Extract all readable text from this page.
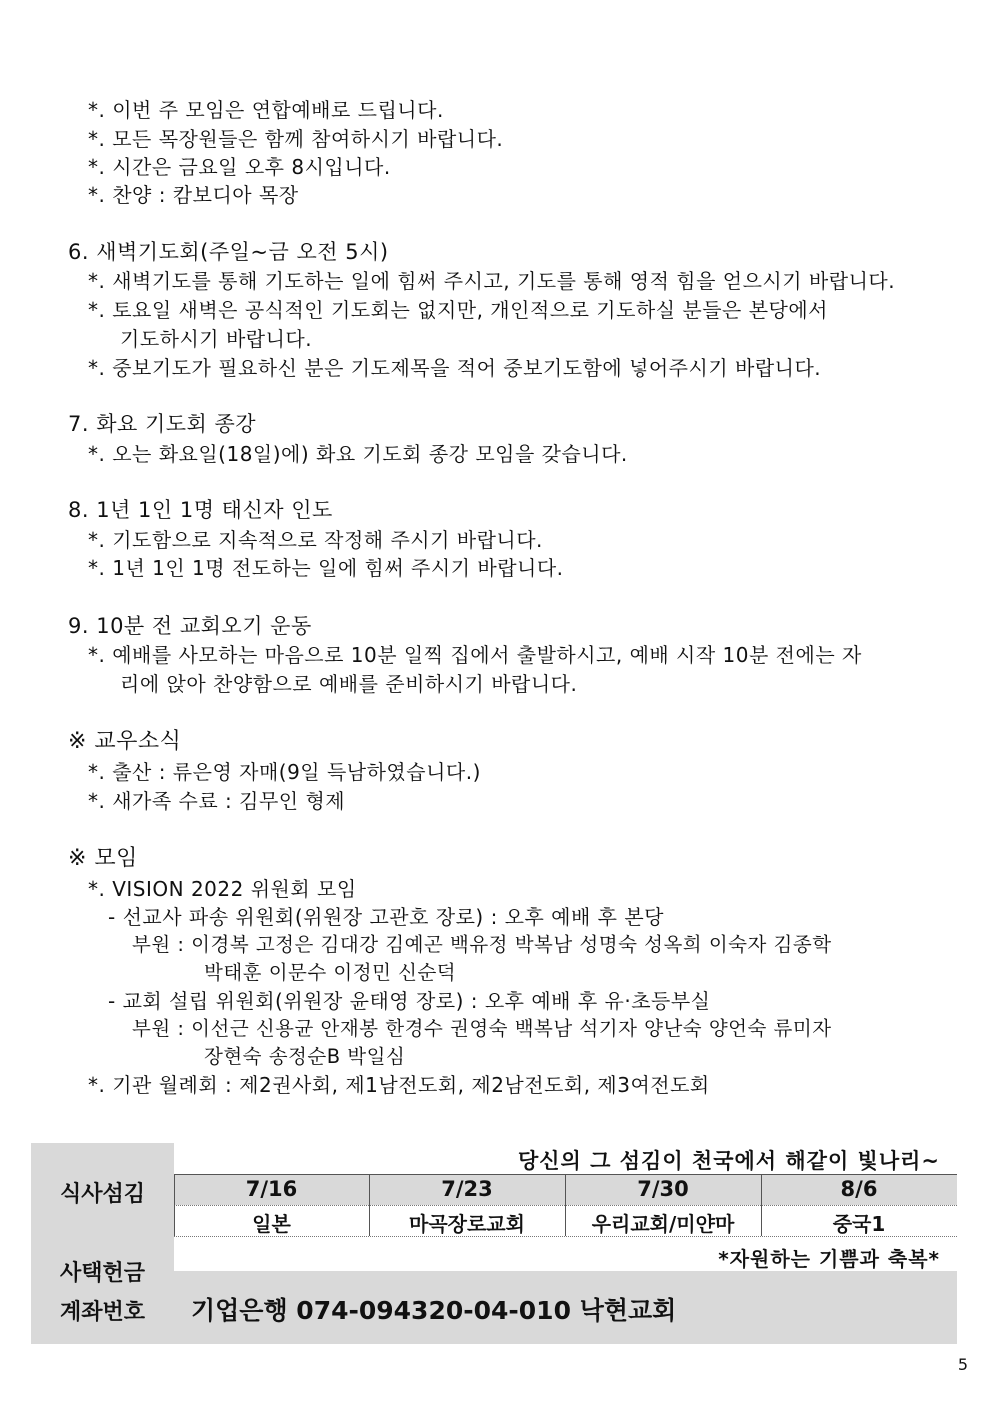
*. 이번 주 모임은 연합예배로 드립니다.
*. 모든 목장원들은 함께 참여하시기 바랍니다.
*. 시간은 금요일 오후 8시입니다.
*. 찬양 : 캄보디아 목장
6. 새벽기도회(주일~금 오전 5시)
*. 새벽기도를 통해 기도하는 일에 힘써 주시고, 기도를 통해 영적 힘을 얻으시기 바랍니다.
*. 토요일 새벽은 공식적인 기도회는 없지만, 개인적으로 기도하실 분들은 본당에서
기도하시기 바랍니다.
*. 중보기도가 필요하신 분은 기도제목을 적어 중보기도함에 넣어주시기 바랍니다.
7. 화요 기도회 종강
*. 오는 화요일(18일)에) 화요 기도회 종강 모임을 갖습니다.
8. 1년 1인 1명 태신자 인도
*. 기도함으로 지속적으로 작정해 주시기 바랍니다.
*. 1년 1인 1명 전도하는 일에 힘써 주시기 바랍니다.
9. 10분 전 교회오기 운동
*. 예배를 사모하는 마음으로 10분 일찍 집에서 출발하시고, 예배 시작 10분 전에는 자
리에 앉아 찬양함으로 예배를 준비하시기 바랍니다.
※ 교우소식
*. 출산 : 류은영 자매(9일 득남하였습니다.)
*. 새가족 수료 : 김무인 형제
※ 모임
*. VISION 2022 위원회 모임
- 선교사 파송 위원회(위원장 고관호 장로) : 오후 예배 후 본당
부원 : 이경복 고정은 김대강 김예곤 백유정 박복남 성명숙 성옥희 이숙자 김종학
박태훈 이문수 이정민 신순덕
- 교회 설립 위원회(위원장 윤태영 장로) : 오후 예배 후 유·초등부실
부원 : 이선근 신용균 안재봉 한경수 권영숙 백복남 석기자 양난숙 양언숙 류미자
장현숙 송정순B 박일심
*. 기관 월례회 : 제2권사회, 제1남전도회, 제2남전도회, 제3여전도회
식사섬김
당신의 그 섬김이 천국에서 해같이 빛나리~
7/16	7/23	7/30	8/6
일본	마곡장로교회	우리교회/미얀마	중국1
사택헌금
*자원하는 기쁨과 축복*
계좌번호	기업은행 074-094320-04-010 낙현교회
5
